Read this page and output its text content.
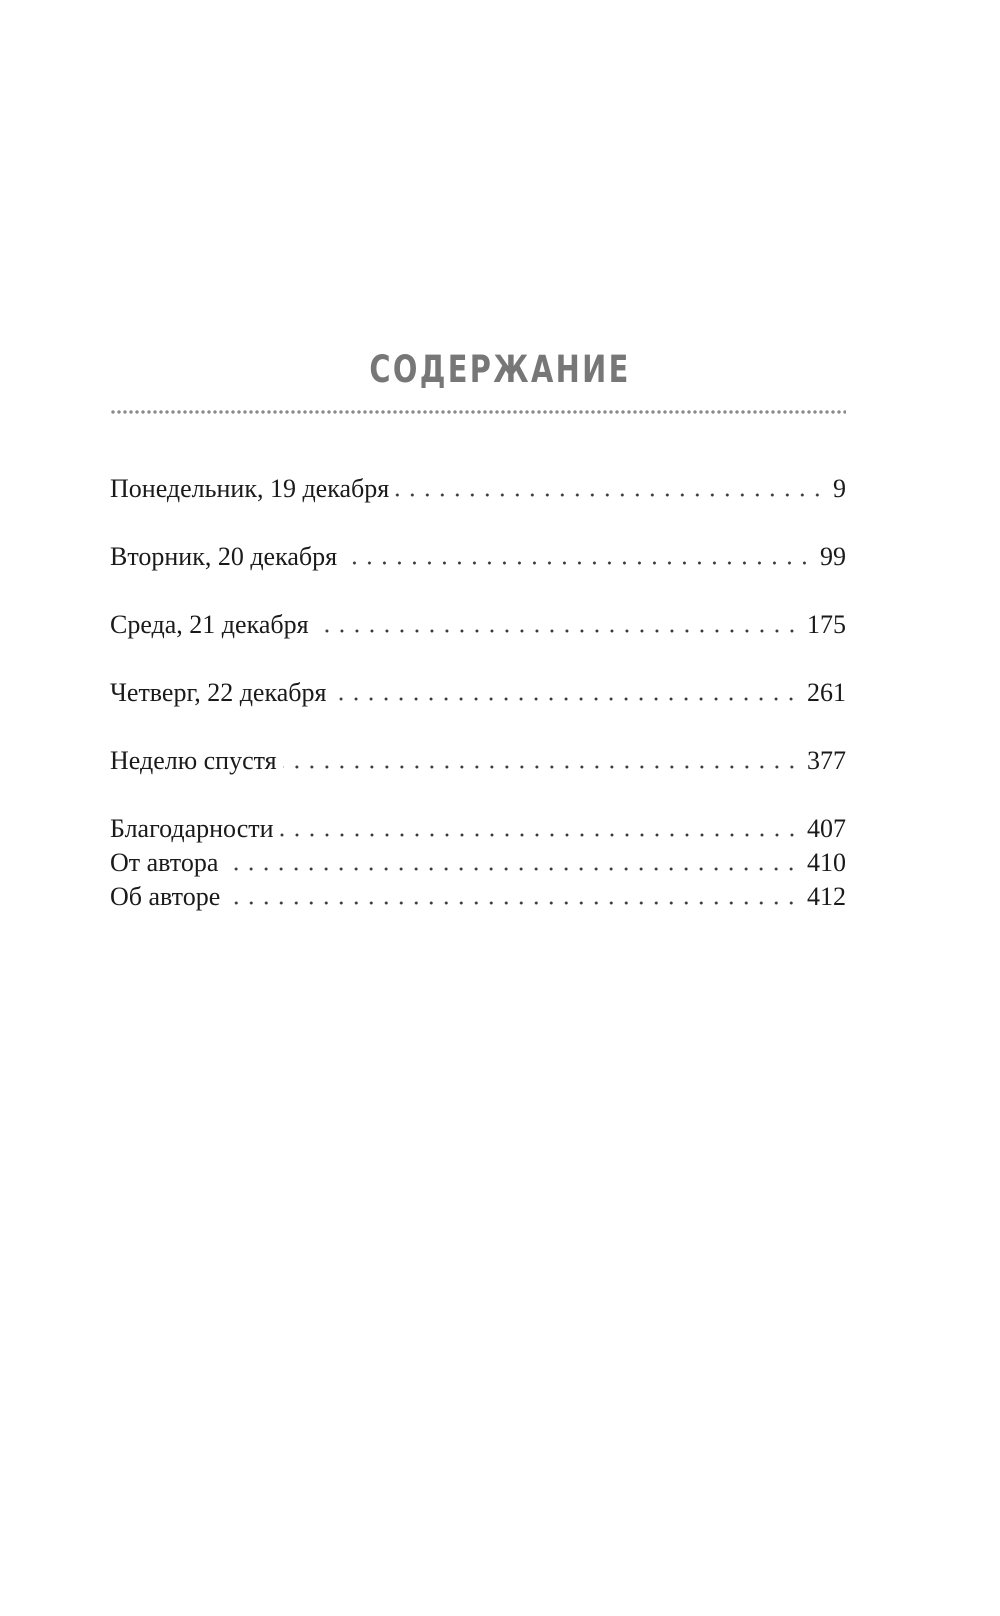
СОДЕРЖАНИЕ
Понедельник, 19 декабря	9
Вторник, 20 декабря	99
Среда, 21 декабря	175
Четверг, 22 декабря	261
Неделю спустя	377
Благодарности	407
От автора	410
Об авторе	412
